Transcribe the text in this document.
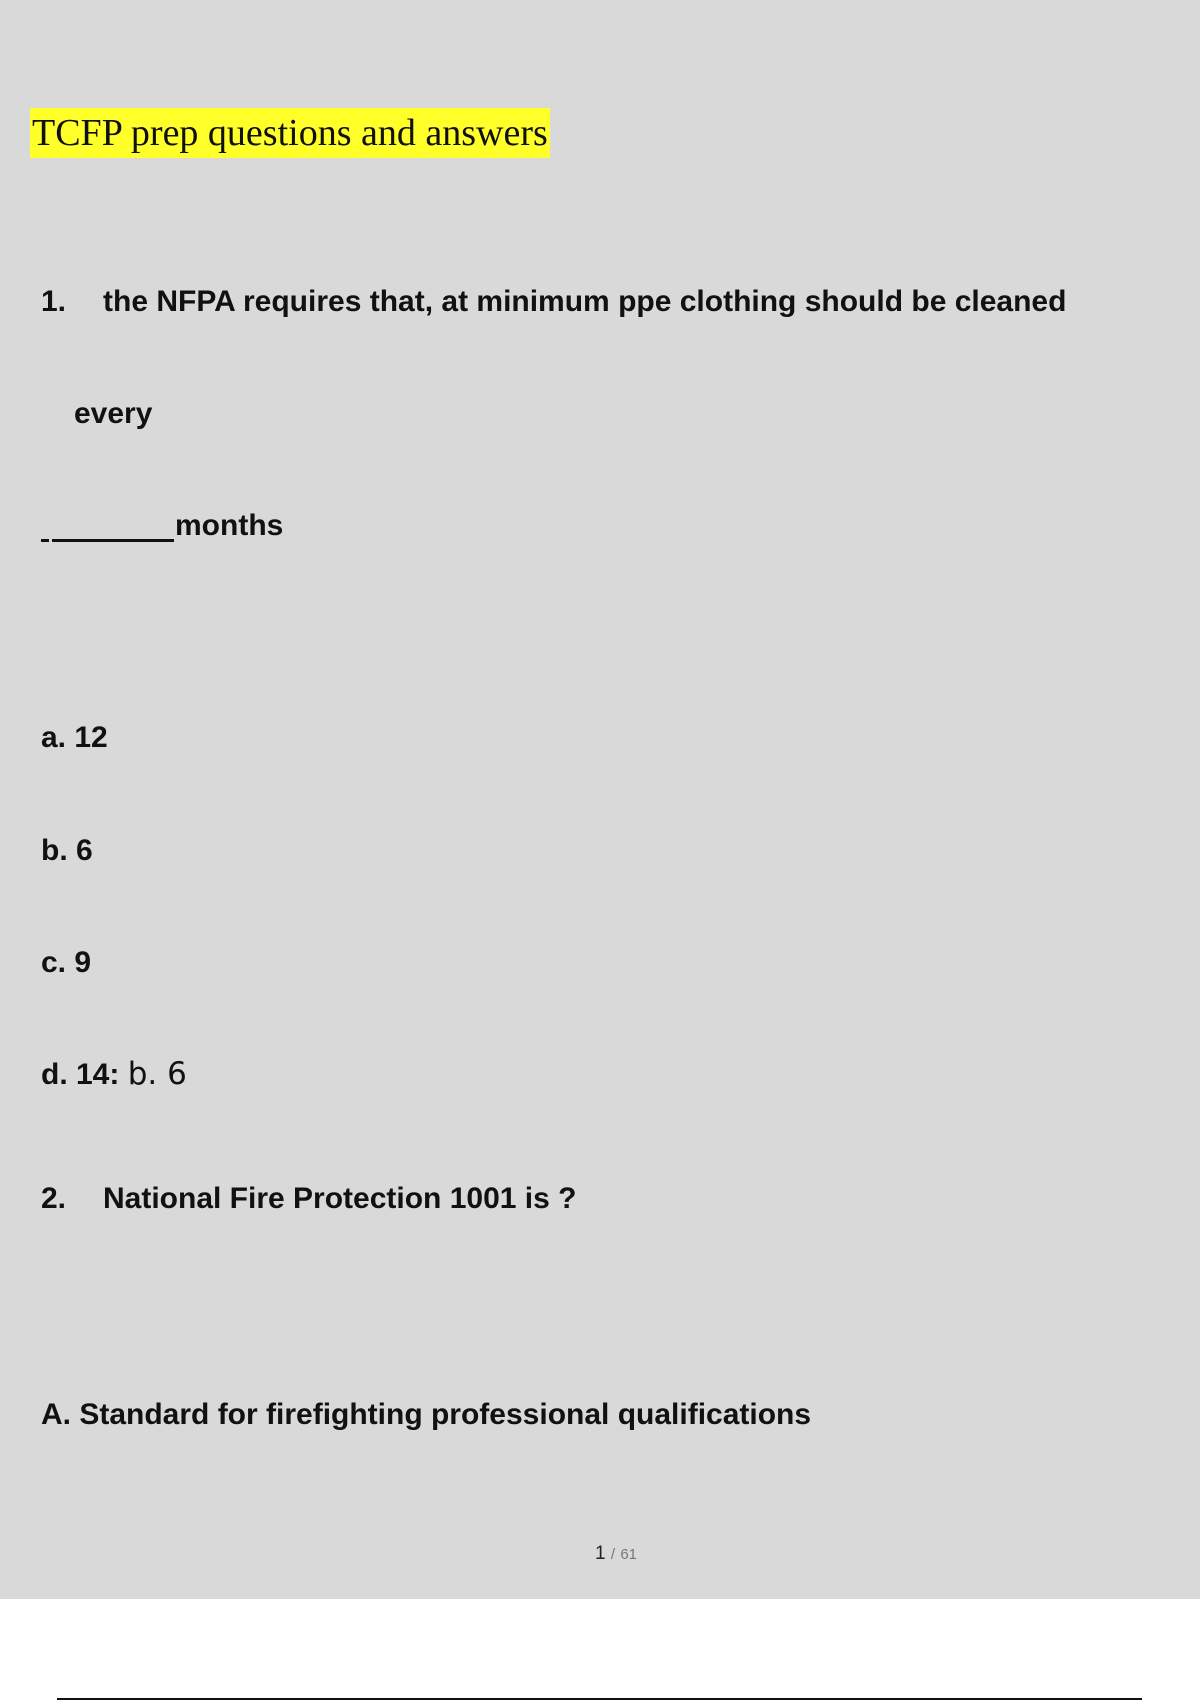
TCFP prep questions and answers
1. the NFPA requires that, at minimum ppe clothing should be cleaned
every
months
a. 12
b. 6
c. 9
d. 14: b. 6
2. National Fire Protection 1001 is ?
A. Standard for firefighting professional qualifications
1 / 61
